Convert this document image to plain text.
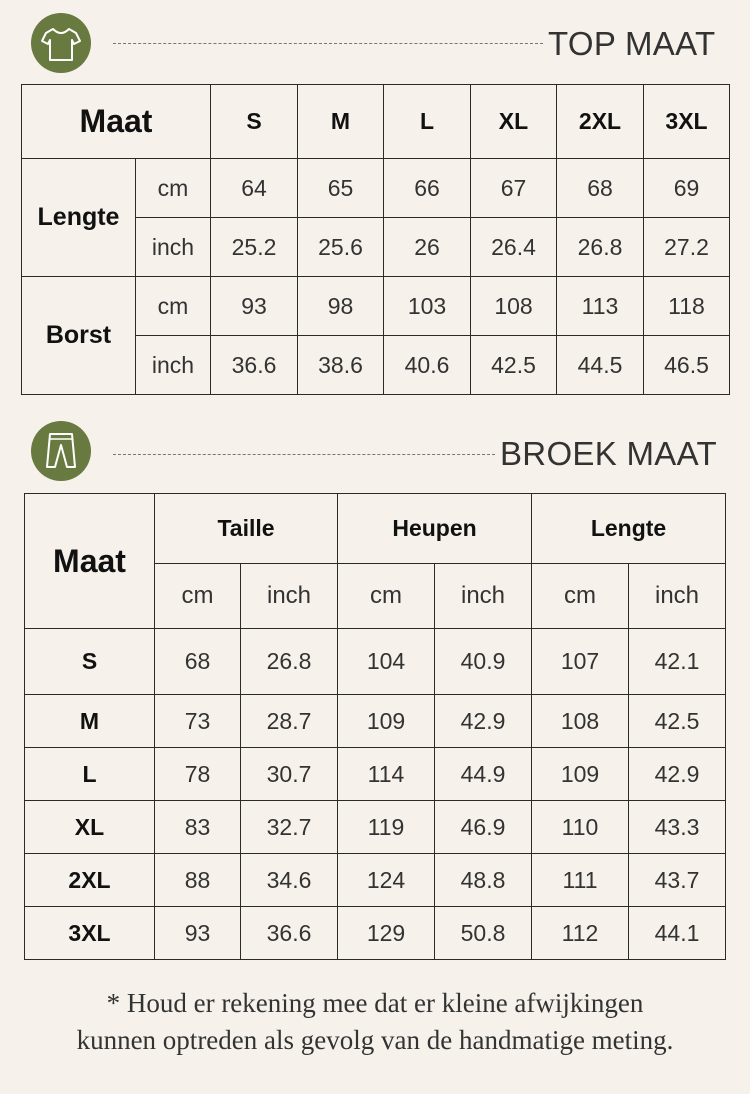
TOP MAAT
Maat		S	M	L	XL	2XL	3XL
Lengte	cm	64	65	66	67	68	69
	inch	25.2	25.6	26	26.4	26.8	27.2
Borst	cm	93	98	103	108	113	118
	inch	36.6	38.6	40.6	42.5	44.5	46.5
BROEK MAAT
Maat	Taille		Heupen		Lengte	
	cm	inch	cm	inch	cm	inch
S	68	26.8	104	40.9	107	42.1
M	73	28.7	109	42.9	108	42.5
L	78	30.7	114	44.9	109	42.9
XL	83	32.7	119	46.9	110	43.3
2XL	88	34.6	124	48.8	111	43.7
3XL	93	36.6	129	50.8	112	44.1
* Houd er rekening mee dat er kleine afwijkingen
kunnen optreden als gevolg van de handmatige meting.
